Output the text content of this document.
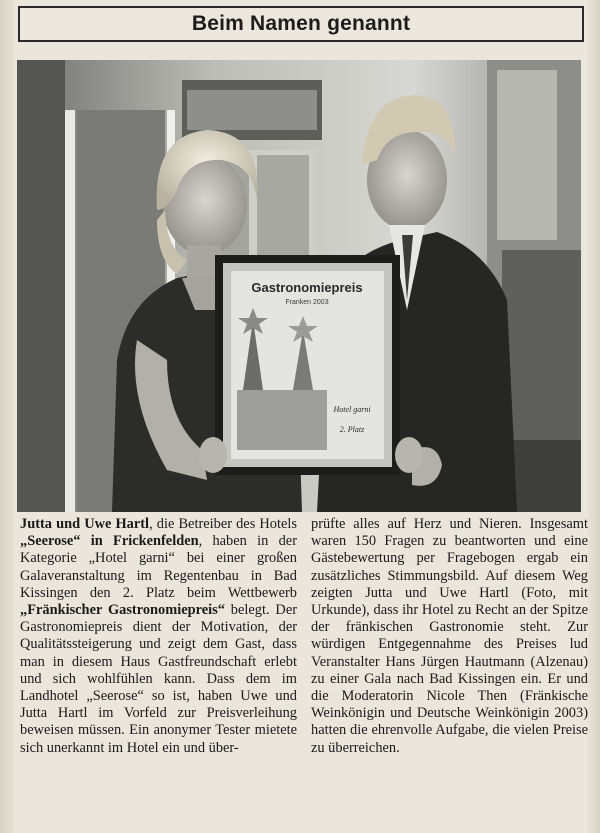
Beim Namen genannt
Gastronomiepreis
Franken 2003
Hotel garni
2. Platz

Jutta und Uwe Hartl, die Betreiber des Hotels „Seerose“ in Frickenfelden, haben in der Kategorie „Hotel garni“ bei einer großen Galaveranstaltung im Regentenbau in Bad Kissingen den 2. Platz beim Wettbewerb „Fränkischer Gastronomiepreis“ belegt. Der Gastronomiepreis dient der Motivation, der Qualitätssteigerung und zeigt dem Gast, dass man in diesem Haus Gastfreundschaft erlebt und sich wohlfühlen kann. Dass dem im Landhotel „Seerose“ so ist, haben Uwe und Jutta Hartl im Vorfeld zur Preisverleihung beweisen müssen. Ein anonymer Tester mietete sich unerkannt im Hotel ein und über-

prüfte alles auf Herz und Nieren. Insgesamt waren 150 Fragen zu beantworten und eine Gästebewertung per Fragebogen ergab ein zusätzliches Stimmungsbild. Auf diesem Weg zeigten Jutta und Uwe Hartl (Foto, mit Urkunde), dass ihr Hotel zu Recht an der Spitze der fränkischen Gastronomie steht. Zur würdigen Entgegennahme des Preises lud Veranstalter Hans Jürgen Hautmann (Alzenau) zu einer Gala nach Bad Kissingen ein. Er und die Moderatorin Nicole Then (Fränkische Weinkönigin und Deutsche Weinkönigin 2003) hatten die ehrenvolle Aufgabe, die vielen Preise zu überreichen.
